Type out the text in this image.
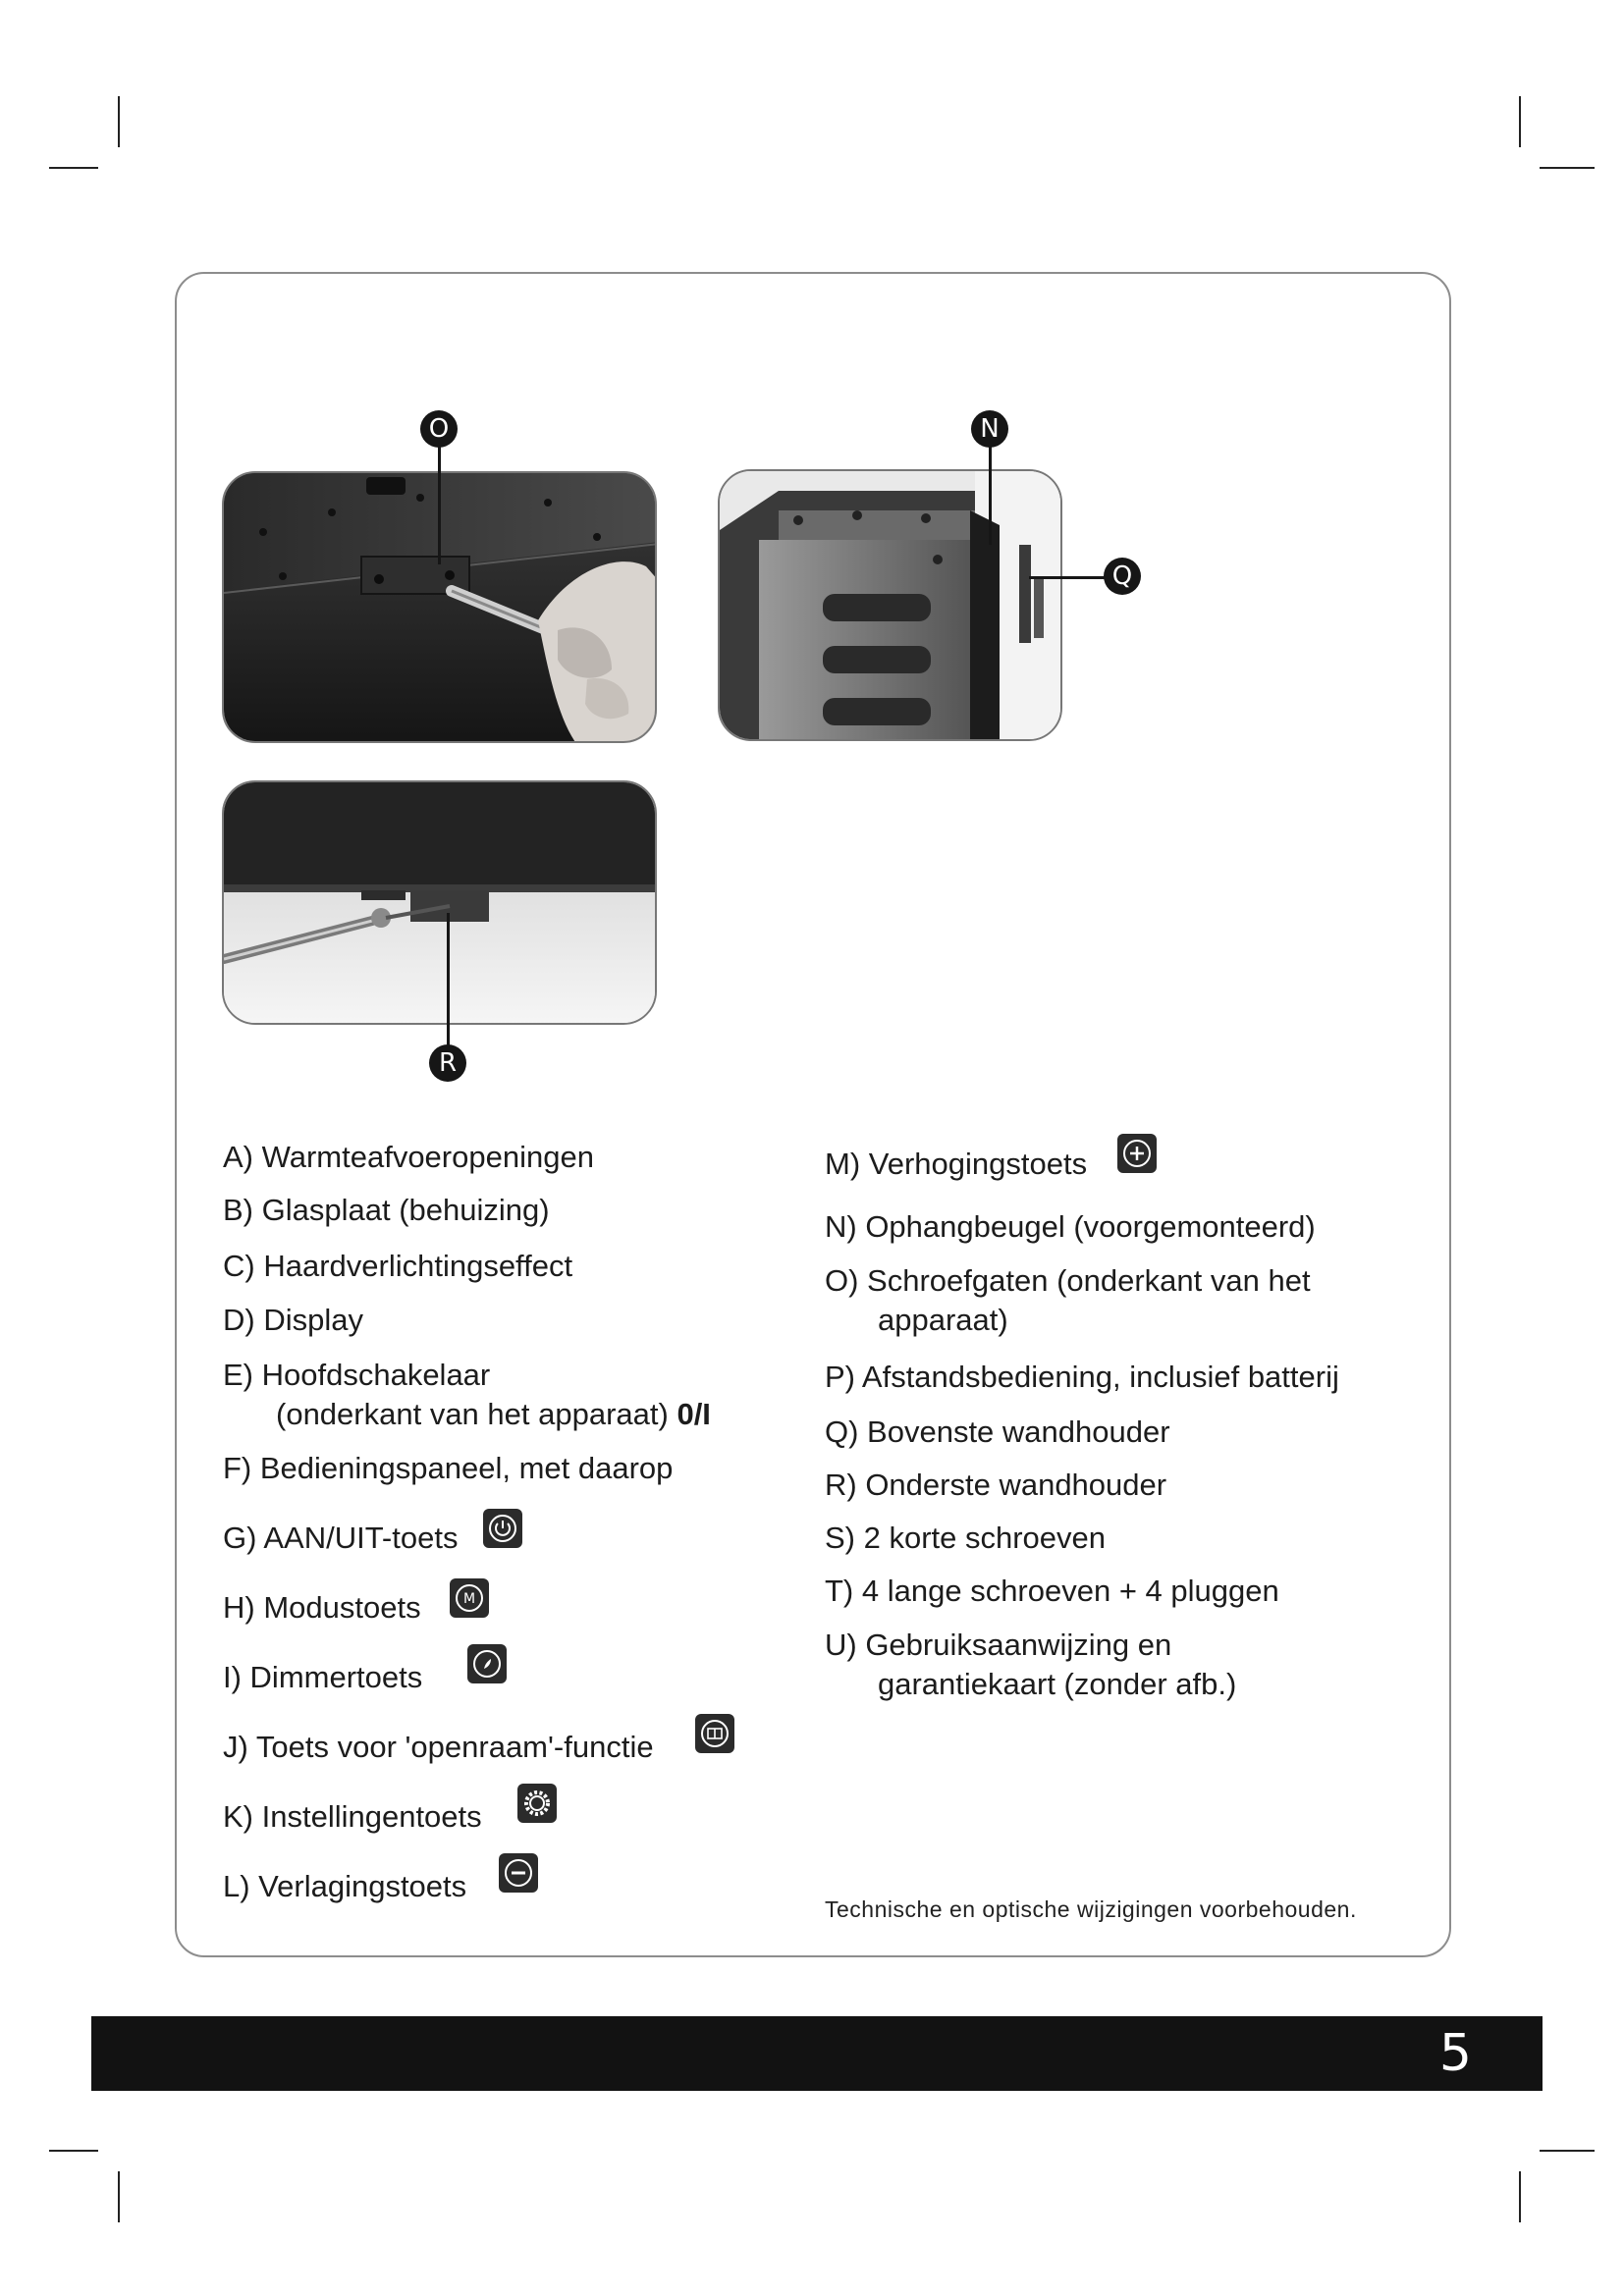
O	N
Q
R
A) Warmteafvoeropeningen
B) Glasplaat (behuizing)
C) Haardverlichtingseffect
D) Display
E) Hoofdschakelaar
(onderkant van het apparaat) 0/I
F) Bedieningspaneel, met daarop
G) AAN/UIT-toets
H) Modustoets
I) Dimmertoets
J) Toets voor 'openraam'-functie
K) Instellingentoets
L) Verlagingstoets
M
M) Verhogingstoets
N) Ophangbeugel (voorgemonteerd)
O) Schroefgaten (onderkant van het
apparaat)
P) Afstandsbediening, inclusief batterij
Q) Bovenste wandhouder
R) Onderste wandhouder
S) 2 korte schroeven
T) 4 lange schroeven + 4 pluggen
U) Gebruiksaanwijzing en
garantiekaart (zonder afb.)
Technische en optische wijzigingen voorbehouden.
5
